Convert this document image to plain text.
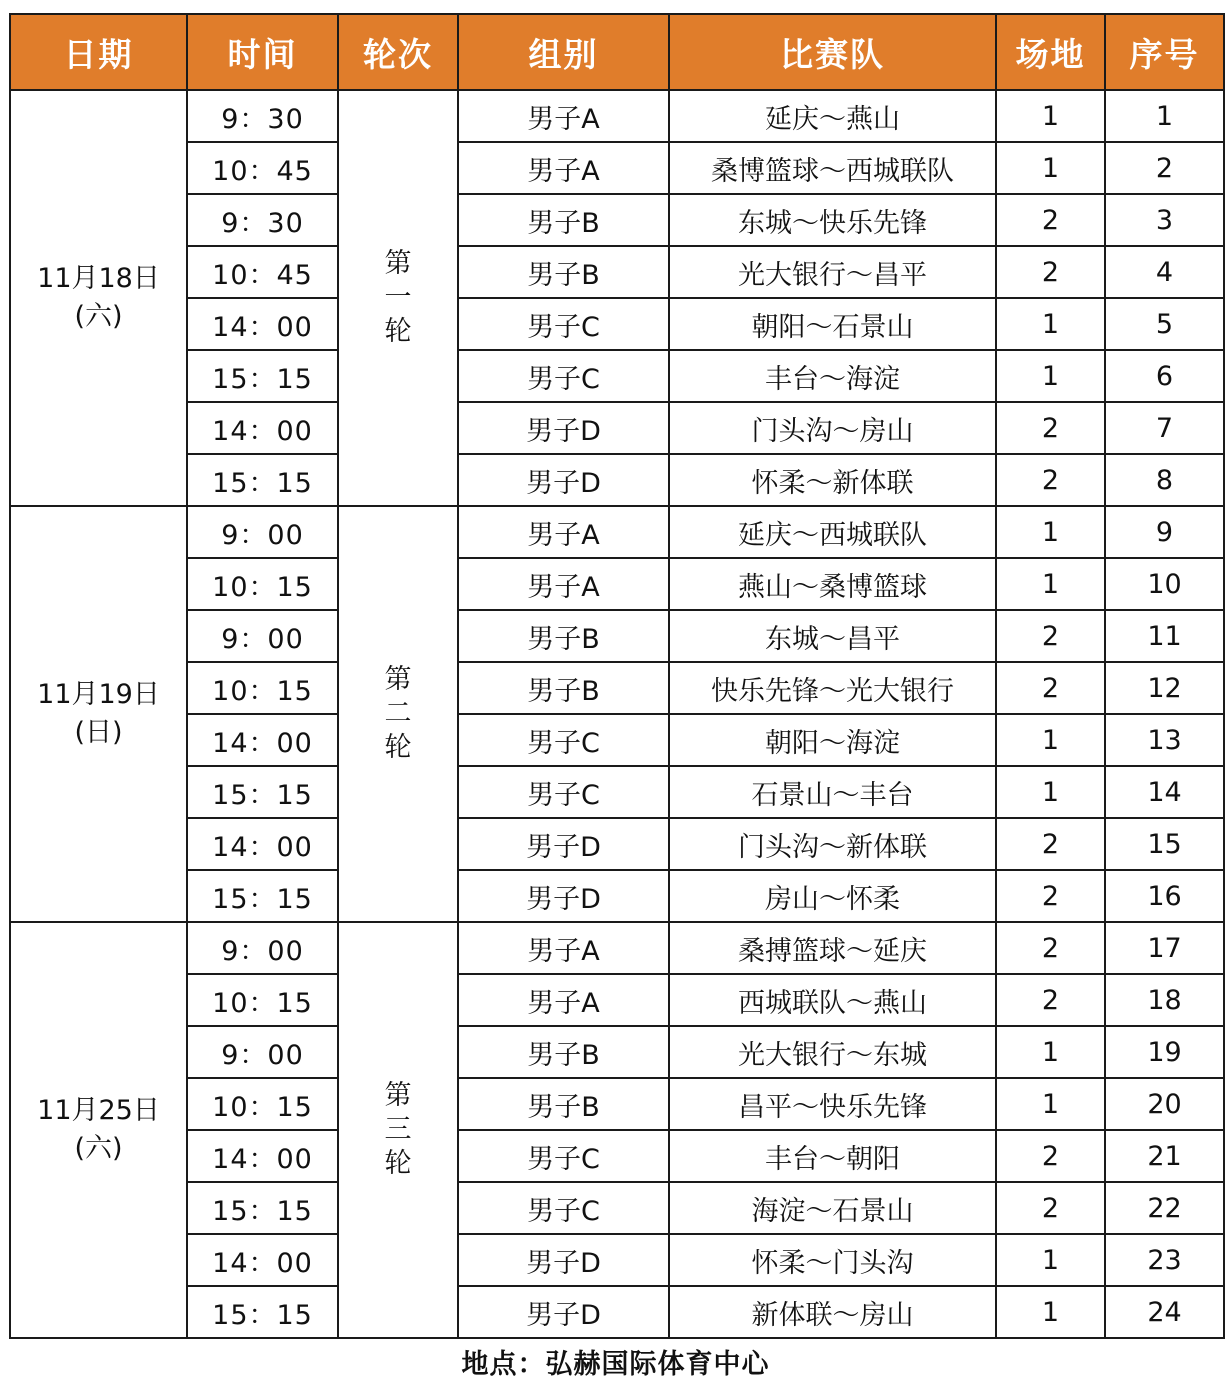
日期	时间	轮次	组别	比赛队	场地	序号

11月18日
(六)	9：30	第一轮	男子A	延庆～燕山	1	1
	10：45		男子A	桑博篮球～西城联队	1	2
	9：30		男子B	东城～快乐先锋	2	3
	10：45		男子B	光大银行～昌平	2	4
	14：00		男子C	朝阳～石景山	1	5
	15：15		男子C	丰台～海淀	1	6
	14：00		男子D	门头沟～房山	2	7
	15：15		男子D	怀柔～新体联	2	8

11月19日
(日)	9：00	第二轮	男子A	延庆～西城联队	1	9
	10：15		男子A	燕山～桑博篮球	1	10
	9：00		男子B	东城～昌平	2	11
	10：15		男子B	快乐先锋～光大银行	2	12
	14：00		男子C	朝阳～海淀	1	13
	15：15		男子C	石景山～丰台	1	14
	14：00		男子D	门头沟～新体联	2	15
	15：15		男子D	房山～怀柔	2	16

11月25日
(六)	9：00	第三轮	男子A	桑搏篮球～延庆	2	17
	10：15		男子A	西城联队～燕山	2	18
	9：00		男子B	光大银行～东城	1	19
	10：15		男子B	昌平～快乐先锋	1	20
	14：00		男子C	丰台～朝阳	2	21
	15：15		男子C	海淀～石景山	2	22
	14：00		男子D	怀柔～门头沟	1	23
	15：15		男子D	新体联～房山	1	24
地点：弘赫国际体育中心
